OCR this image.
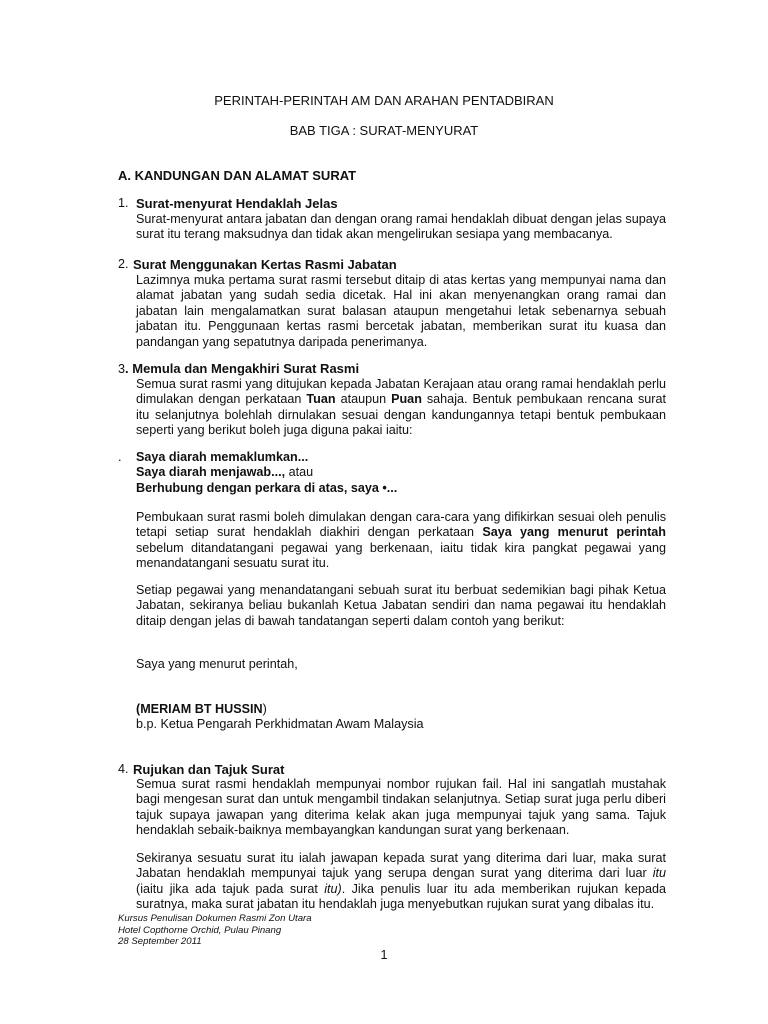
PERINTAH-PERINTAH AM DAN ARAHAN PENTADBIRAN
BAB TIGA : SURAT-MENYURAT
A. KANDUNGAN DAN ALAMAT SURAT
1. Surat-menyurat Hendaklah Jelas

Surat-menyurat antara jabatan dan dengan orang ramai hendaklah dibuat dengan jelas supaya surat itu terang maksudnya dan tidak akan mengelirukan sesiapa yang membacanya.

2. Surat Menggunakan Kertas Rasmi Jabatan

Lazimnya muka pertama surat rasmi tersebut ditaip di atas kertas yang mempunyai nama dan alamat jabatan yang sudah sedia dicetak. Hal ini akan menyenangkan orang ramai dan jabatan lain mengalamatkan surat balasan ataupun mengetahui letak sebenarnya sebuah jabatan itu. Penggunaan kertas rasmi bercetak jabatan, memberikan surat itu kuasa dan pandangan yang sepatutnya daripada penerimanya.

3. Memula dan Mengakhiri Surat Rasmi

Semua surat rasmi yang ditujukan kepada Jabatan Kerajaan atau orang ramai hendaklah perlu dimulakan dengan perkataan Tuan ataupun Puan sahaja. Bentuk pembukaan rencana surat itu selanjutnya bolehlah dirnulakan sesuai dengan kandungannya tetapi bentuk pembukaan seperti yang berikut boleh juga diguna pakai iaitu:

. Saya diarah memaklumkan...
Saya diarah menjawab..., atau
Berhubung dengan perkara di atas, saya •...

Pembukaan surat rasmi boleh dimulakan dengan cara-cara yang difikirkan sesuai oleh penulis tetapi setiap surat hendaklah diakhiri dengan perkataan Saya yang menurut perintah sebelum ditandatangani pegawai yang berkenaan, iaitu tidak kira pangkat pegawai yang menandatangani sesuatu surat itu.

Setiap pegawai yang menandatangani sebuah surat itu berbuat sedemikian bagi pihak Ketua Jabatan, sekiranya beliau bukanlah Ketua Jabatan sendiri dan nama pegawai itu hendaklah ditaip dengan jelas di bawah tandatangan seperti dalam contoh yang berikut:

Saya yang menurut perintah,
(MERIAM BT HUSSIN)
b.p. Ketua Pengarah Perkhidmatan Awam Malaysia
4. Rujukan dan Tajuk Surat

Semua surat rasmi hendaklah mempunyai nombor rujukan fail. Hal ini sangatlah mustahak bagi mengesan surat dan untuk mengambil tindakan selanjutnya. Setiap surat juga perlu diberi tajuk supaya jawapan yang diterima kelak akan juga mempunyai tajuk yang sama. Tajuk hendaklah sebaik-baiknya membayangkan kandungan surat yang berkenaan.

Sekiranya sesuatu surat itu ialah jawapan kepada surat yang diterima dari luar, maka surat Jabatan hendaklah mempunyai tajuk yang serupa dengan surat yang diterima dari luar itu (iaitu jika ada tajuk pada surat itu). Jika penulis luar itu ada memberikan rujukan kepada suratnya, maka surat jabatan itu hendaklah juga menyebutkan rujukan surat yang dibalas itu.

Kursus Penulisan Dokumen Rasmi Zon Utara
Hotel Copthorne Orchid, Pulau Pinang
28 September 2011
1
